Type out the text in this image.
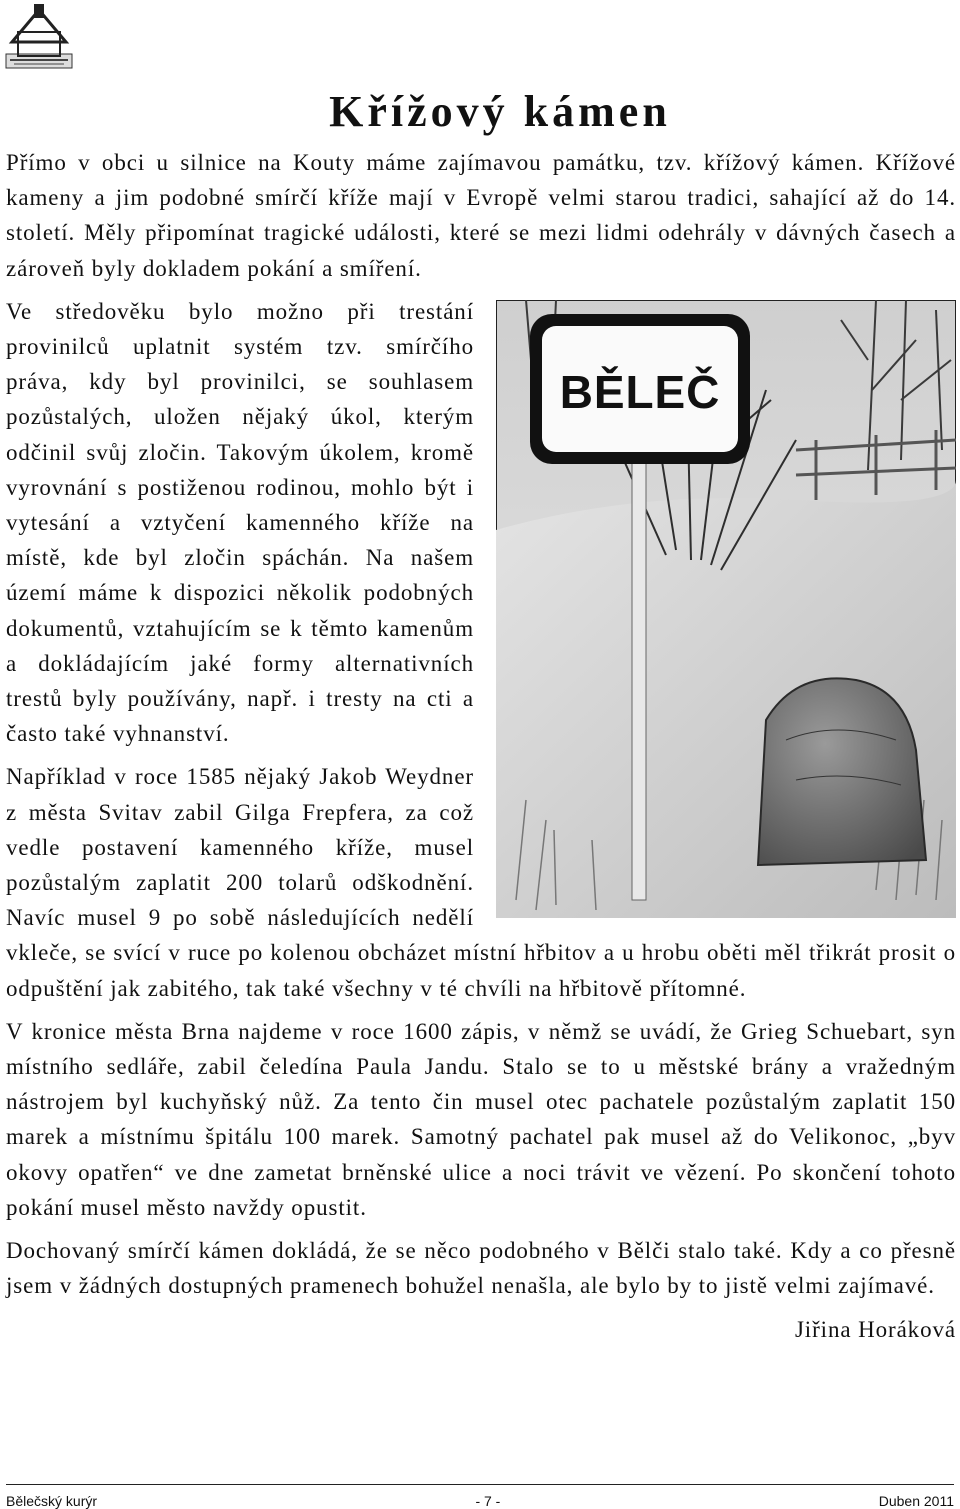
Křížový kámen

Přímo v obci u silnice na Kouty máme zajímavou památku, tzv. křížový kámen. Křížové kameny a jim podobné smírčí kříže mají v Evropě velmi starou tradici, sahající až do 14. století. Měly připomínat tragické události, které se mezi lidmi odehrály v dávných časech a zároveň byly dokladem pokání a smíření.

BĚLEČ

Ve středověku bylo možno při trestání provinilců uplatnit systém tzv. smírčího práva, kdy byl provinilci, se souhlasem pozůstalých, uložen nějaký úkol, kterým odčinil svůj zločin. Takovým úkolem, kromě vyrovnání s postiženou rodinou, mohlo být i vytesání a vztyčení kamenného kříže na místě, kde byl zločin spáchán. Na našem území máme k dispozici několik podobných dokumentů, vztahujícím se k těmto kamenům a dokládajícím jaké formy alternativních trestů byly používány, např. i tresty na cti a často také vyhnanství.

Například v roce 1585 nějaký Jakob Weydner z města Svitav zabil Gilga Frepfera, za což vedle postavení kamenného kříže, musel pozůstalým zaplatit 200 tolarů odškodnění. Navíc musel 9 po sobě následujících nedělí vkleče, se svící v ruce po kolenou obcházet místní hřbitov a u hrobu oběti měl třikrát prosit o odpuštění jak zabitého, tak také všechny v té chvíli na hřbitově přítomné.

V kronice města Brna najdeme v roce 1600 zápis, v němž se uvádí, že Grieg Schuebart, syn místního sedláře, zabil čeledína Paula Jandu. Stalo se to u městské brány a vražedným nástrojem byl kuchyňský nůž. Za tento čin musel otec pachatele pozůstalým zaplatit 150 marek a místnímu špitálu 100 marek. Samotný pachatel pak musel až do Velikonoc, „byv okovy opatřen“ ve dne zametat brněnské ulice a noci trávit ve vězení. Po skončení tohoto pokání musel město navždy opustit.

Dochovaný smírčí kámen dokládá, že se něco podobného v Bělči stalo také. Kdy a co přesně jsem v žádných dostupných pramenech bohužel nenašla, ale bylo by to jistě velmi zajímavé.

Jiřina Horáková
Bělečský kurýr	- 7 -	Duben 2011
